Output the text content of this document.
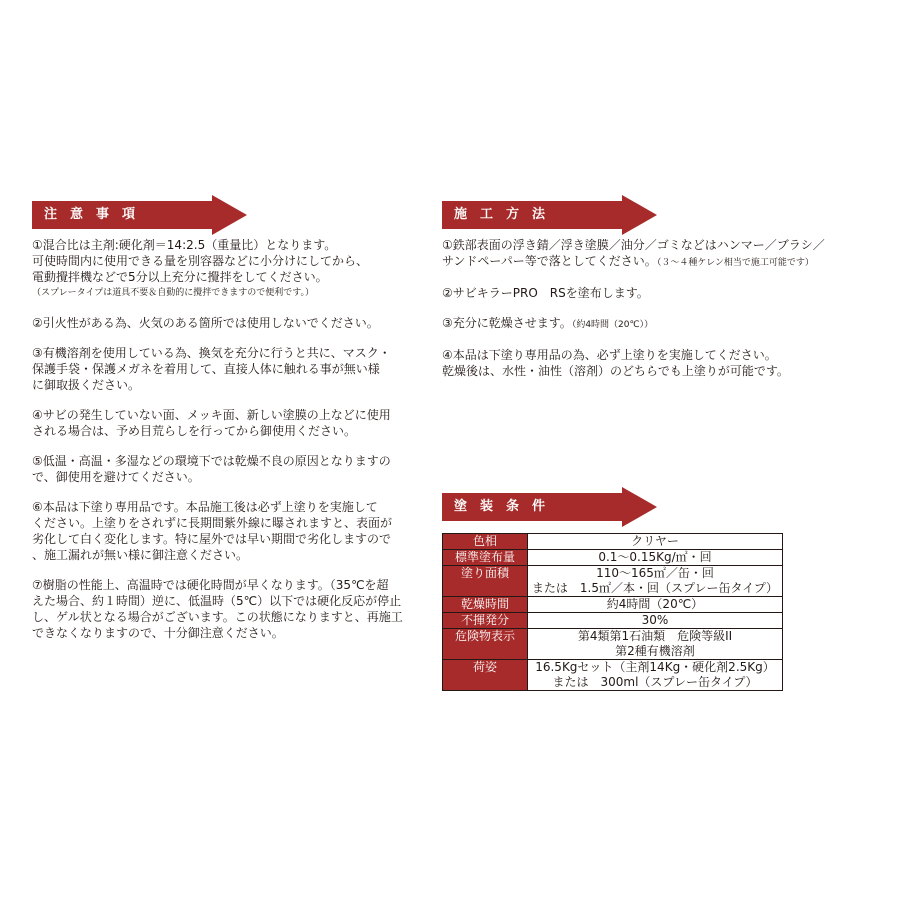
注　意　事　項
①混合比は主剤:硬化剤＝14:2.5（重量比）となります。
可使時間内に使用できる量を別容器などに小分けにしてから、
電動攪拌機などで5分以上充分に攪拌をしてください。
（スプレータイプは道具不要＆自動的に攪拌できますので便利です。）
②引火性がある為、火気のある箇所では使用しないでください。
③有機溶剤を使用している為、換気を充分に行うと共に、マスク・
保護手袋・保護メガネを着用して、直接人体に触れる事が無い様
に御取扱ください。
④サビの発生していない面、メッキ面、新しい塗膜の上などに使用
される場合は、予め目荒らしを行ってから御使用ください。
⑤低温・高温・多湿などの環境下では乾燥不良の原因となりますの
で、御使用を避けてください。
⑥本品は下塗り専用品です。本品施工後は必ず上塗りを実施して
ください。上塗りをされずに長期間紫外線に曝されますと、表面が
劣化して白く変化します。特に屋外では早い期間で劣化しますので
、施工漏れが無い様に御注意ください。
⑦樹脂の性能上、高温時では硬化時間が早くなります。（35℃を超
えた場合、約１時間）逆に、低温時（5℃）以下では硬化反応が停止
し、ゲル状となる場合がございます。この状態になりますと、再施工
できなくなりますので、十分御注意ください。
施　工　方　法
①鉄部表面の浮き錆／浮き塗膜／油分／ゴミなどはハンマー／ブラシ／
サンドペーパー等で落としてください。（３～４種ケレン相当で施工可能です）
②サビキラーPRO　RSを塗布します。
③充分に乾燥させます。（約4時間（20℃））
④本品は下塗り専用品の為、必ず上塗りを実施してください。
乾燥後は、水性・油性（溶剤）のどちらでも上塗りが可能です。
塗　装　条　件
色相	クリヤー

標準塗布量	0.1～0.15Kg/㎡・回

塗り面積	110～165㎡／缶・回
または　1.5㎡／本・回（スプレー缶タイプ）

乾燥時間	約4時間（20℃）

不揮発分	30%

危険物表示	第4類第1石油類　危険等級II
第2種有機溶剤

荷姿	16.5Kgセット（主剤14Kg・硬化剤2.5Kg）
または　300ml（スプレー缶タイプ）
